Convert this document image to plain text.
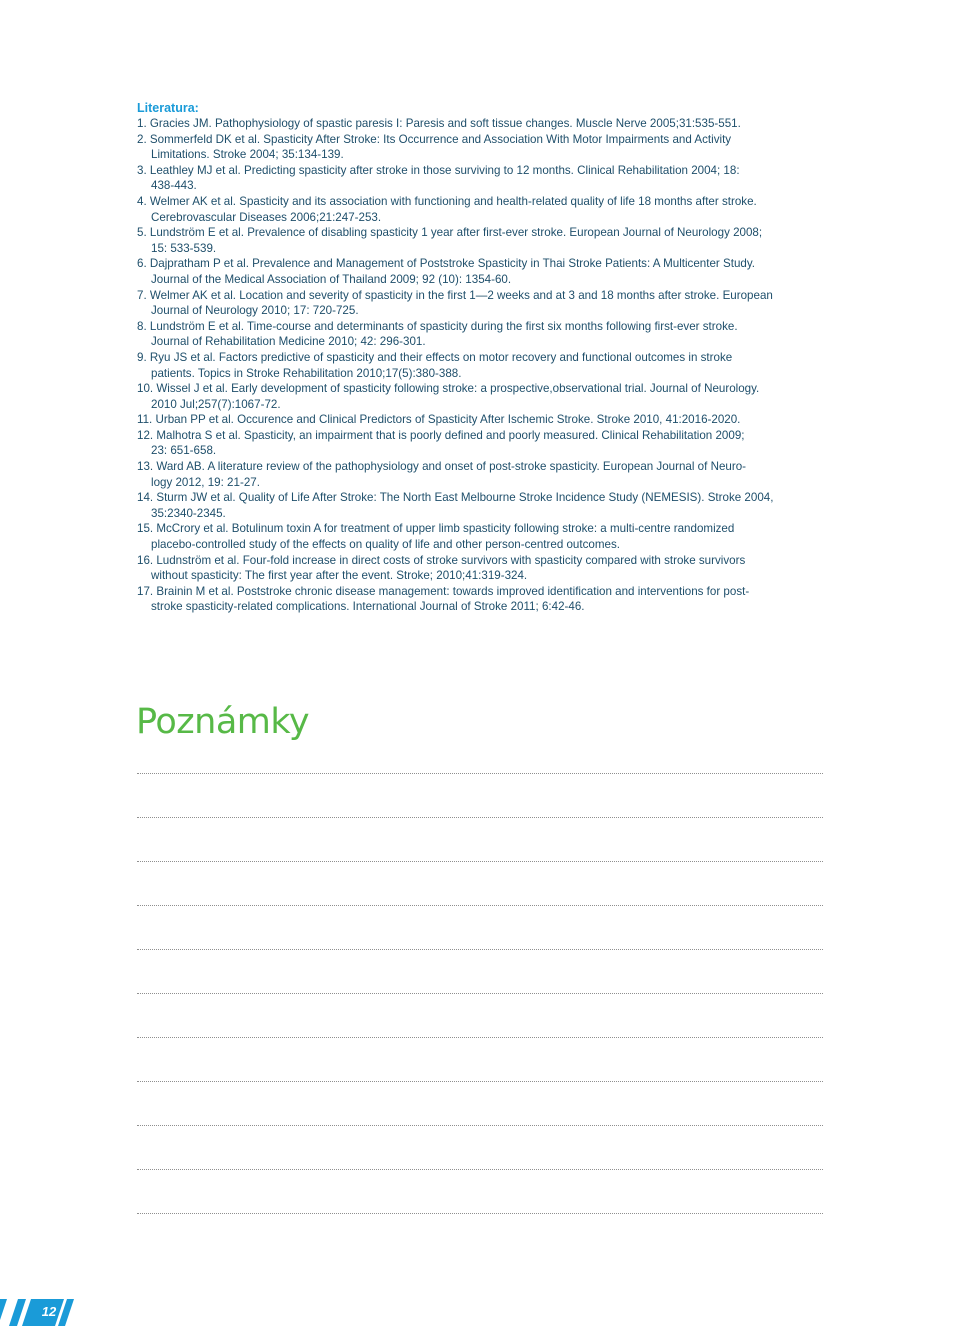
Literatura:
1. Gracies JM. Pathophysiology of spastic paresis I: Paresis and soft tissue changes. Muscle Nerve 2005;31:535-551.
2. Sommerfeld DK et al. Spasticity After Stroke: Its Occurrence and Association With Motor Impairments and Activity
Limitations. Stroke 2004; 35:134-139.
3. Leathley MJ et al. Predicting spasticity after stroke in those surviving to 12 months. Clinical Rehabilitation 2004; 18:
438-443.
4. Welmer AK et al. Spasticity and its association with functioning and health-related quality of life 18 months after stroke.
Cerebrovascular Diseases 2006;21:247-253.
5. Lundström E et al. Prevalence of disabling spasticity 1 year after first-ever stroke. European Journal of Neurology 2008;
15: 533-539.
6. Dajpratham P et al. Prevalence and Management of Poststroke Spasticity in Thai Stroke Patients: A Multicenter Study.
Journal of the Medical Association of Thailand 2009; 92 (10): 1354-60.
7. Welmer AK et al. Location and severity of spasticity in the first 1—2 weeks and at 3 and 18 months after stroke. European
Journal of Neurology 2010; 17: 720-725.
8. Lundström E et al. Time-course and determinants of spasticity during the first six months following first-ever stroke.
Journal of Rehabilitation Medicine 2010; 42: 296-301.
9. Ryu JS et al. Factors predictive of spasticity and their effects on motor recovery and functional outcomes in stroke
patients. Topics in Stroke Rehabilitation 2010;17(5):380-388.
10. Wissel J et al. Early development of spasticity following stroke: a prospective,observational trial. Journal of Neurology.
2010 Jul;257(7):1067-72.
11. Urban PP et al. Occurence and Clinical Predictors of Spasticity After Ischemic Stroke. Stroke 2010, 41:2016-2020.
12. Malhotra S et al. Spasticity, an impairment that is poorly defined and poorly measured. Clinical Rehabilitation 2009;
23: 651-658.
13. Ward AB. A literature review of the pathophysiology and onset of post-stroke spasticity. European Journal of Neuro-
logy 2012, 19: 21-27.
14. Sturm JW et al. Quality of Life After Stroke: The North East Melbourne Stroke Incidence Study (NEMESIS). Stroke 2004,
35:2340-2345.
15. McCrory et al. Botulinum toxin A for treatment of upper limb spasticity following stroke: a multi-centre randomized
placebo-controlled study of the effects on quality of life and other person-centred outcomes.
16. Ludnström et al. Four-fold increase in direct costs of stroke survivors with spasticity compared with stroke survivors
without spasticity: The first year after the event. Stroke; 2010;41:319-324.
17. Brainin M et al. Poststroke chronic disease management: towards improved identification and interventions for post-
stroke spasticity-related complications. International Journal of Stroke 2011; 6:42-46.
Poznámky
12
